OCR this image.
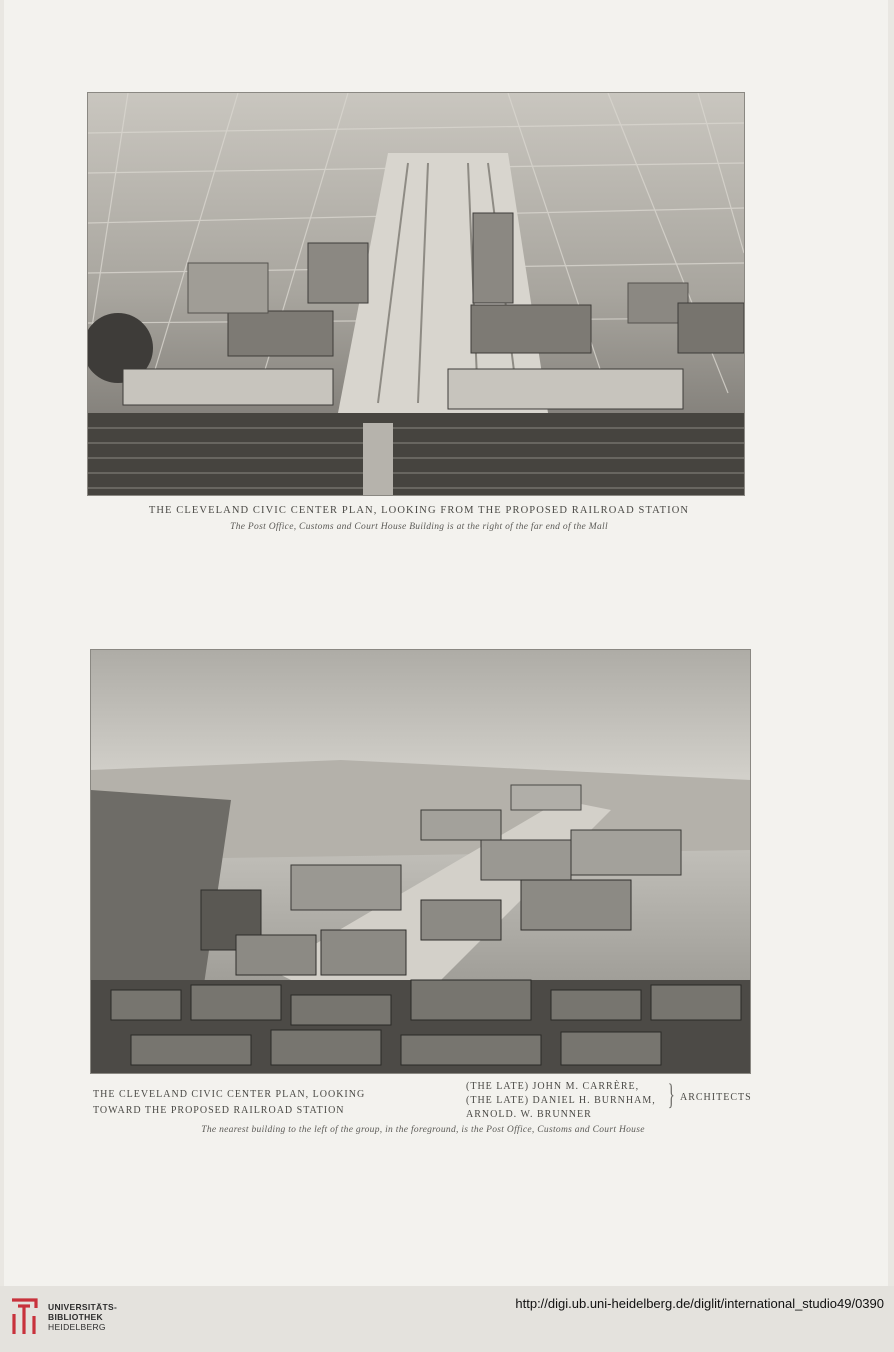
THE CLEVELAND CIVIC CENTER PLAN, LOOKING FROM THE PROPOSED RAILROAD STATION
The Post Office, Customs and Court House Building is at the right of the far end of the Mall
THE CLEVELAND CIVIC CENTER PLAN, LOOKING
TOWARD THE PROPOSED RAILROAD STATION
(THE LATE) JOHN M. CARRÈRE,
(THE LATE) DANIEL H. BURNHAM,
ARNOLD. W. BRUNNER
} ARCHITECTS
The nearest building to the left of the group, in the foreground, is the Post Office, Customs and Court House
UNIVERSITÄTS-
BIBLIOTHEK
HEIDELBERG
http://digi.ub.uni-heidelberg.de/diglit/international_studio49/0390
